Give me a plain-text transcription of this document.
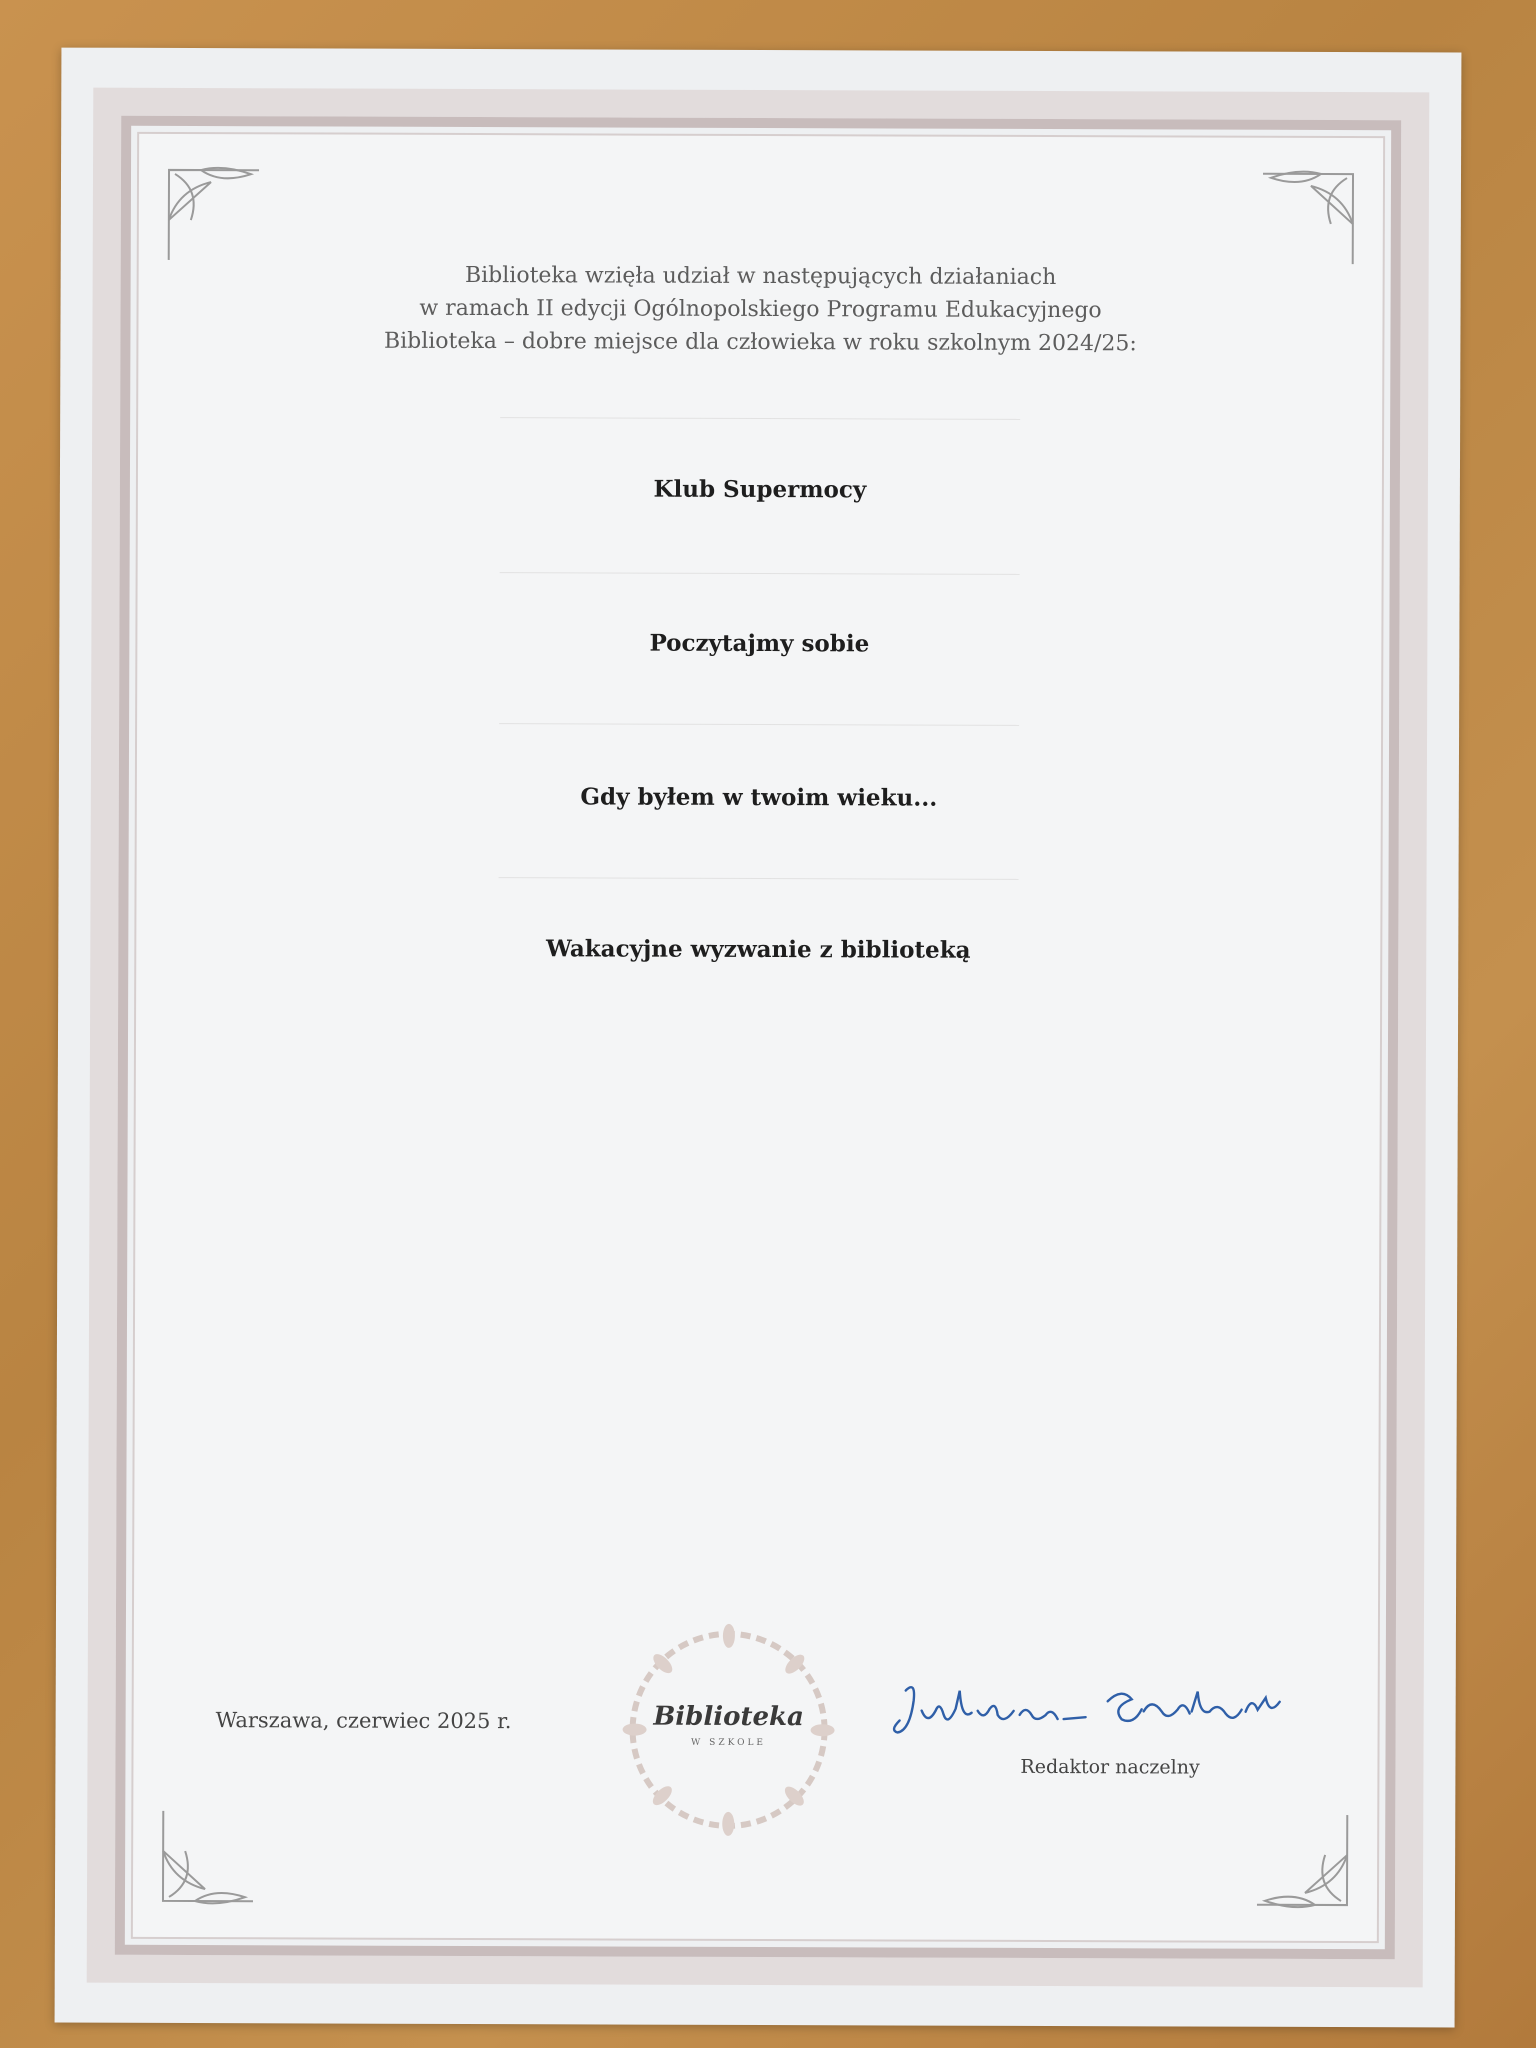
Biblioteka wzięła udział w następujących działaniach
w ramach II edycji Ogólnopolskiego Programu Edukacyjnego
Biblioteka – dobre miejsce dla człowieka w roku szkolnym 2024/25:
Klub Supermocy
Poczytajmy sobie
Gdy byłem w twoim wieku...
Wakacyjne wyzwanie z biblioteką
Warszawa, czerwiec 2025 r.	Biblioteka
W SZKOLE
Redaktor naczelny
